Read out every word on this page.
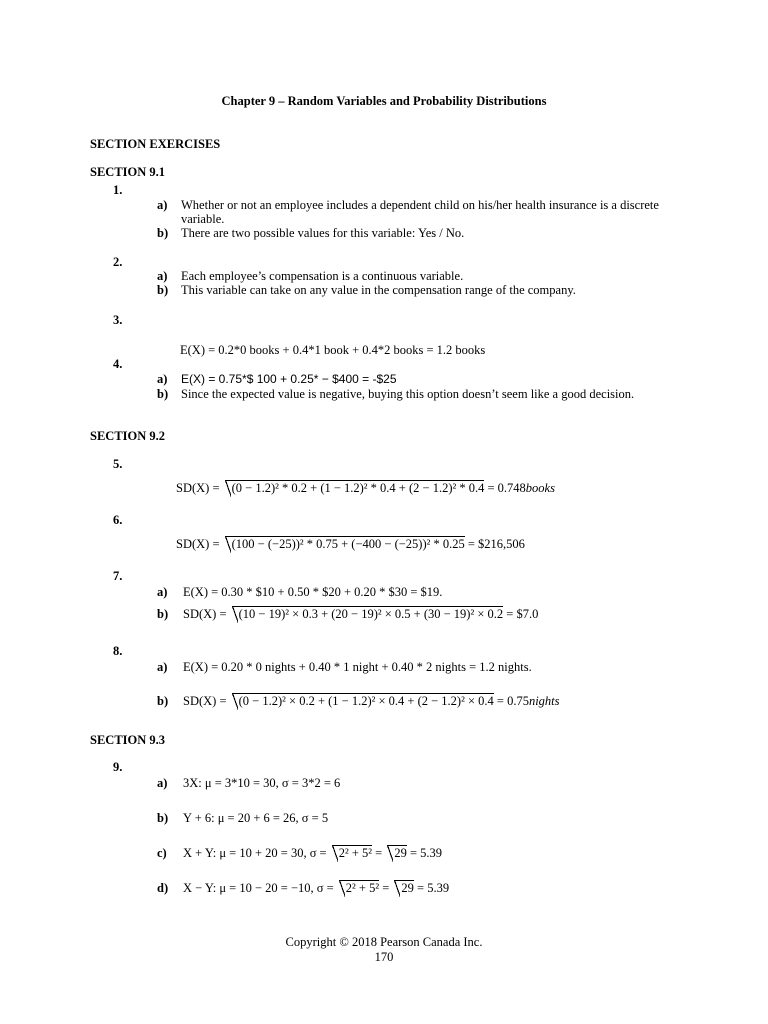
Chapter 9 – Random Variables and Probability Distributions
SECTION EXERCISES
SECTION 9.1
1.
a)	Whether or not an employee includes a dependent child on his/her health insurance is a discrete variable.
b)	There are two possible values for this variable: Yes / No.
2.
a)	Each employee’s compensation is a continuous variable.
b)	This variable can take on any value in the compensation range of the company.
3.
E(X) = 0.2*0 books + 0.4*1 book + 0.4*2 books = 1.2 books
4.
a)	E(X) = 0.75*$ 100 + 0.25* − $400 = -$25
b)	Since the expected value is negative, buying this option doesn’t seem like a good decision.
SECTION 9.2
5.
SD(X) = (0 − 1.2)² * 0.2 + (1 − 1.2)² * 0.4 + (2 − 1.2)² * 0.4 = 0.748books
6.
SD(X) = (100 − (−25))² * 0.75 + (−400 − (−25))² * 0.25 = $216,506
7.
a)	E(X) = 0.30 * $10 + 0.50 * $20 + 0.20 * $30 = $19.
b)	SD(X) = (10 − 19)² × 0.3 + (20 − 19)² × 0.5 + (30 − 19)² × 0.2 = $7.0
8.
a)	E(X) = 0.20 * 0 nights + 0.40 * 1 night + 0.40 * 2 nights = 1.2 nights.
b)	SD(X) = (0 − 1.2)² × 0.2 + (1 − 1.2)² × 0.4 + (2 − 1.2)² × 0.4 = 0.75nights
SECTION 9.3
9.
a)	3X: μ = 3*10 = 30, σ = 3*2 = 6
b)	Y + 6: μ = 20 + 6 = 26, σ = 5
c)	X + Y: μ = 10 + 20 = 30, σ = 2² + 5² = 29 = 5.39
d)	X − Y: μ = 10 − 20 = −10, σ = 2² + 5² = 29 = 5.39
Copyright © 2018 Pearson Canada Inc.
170
